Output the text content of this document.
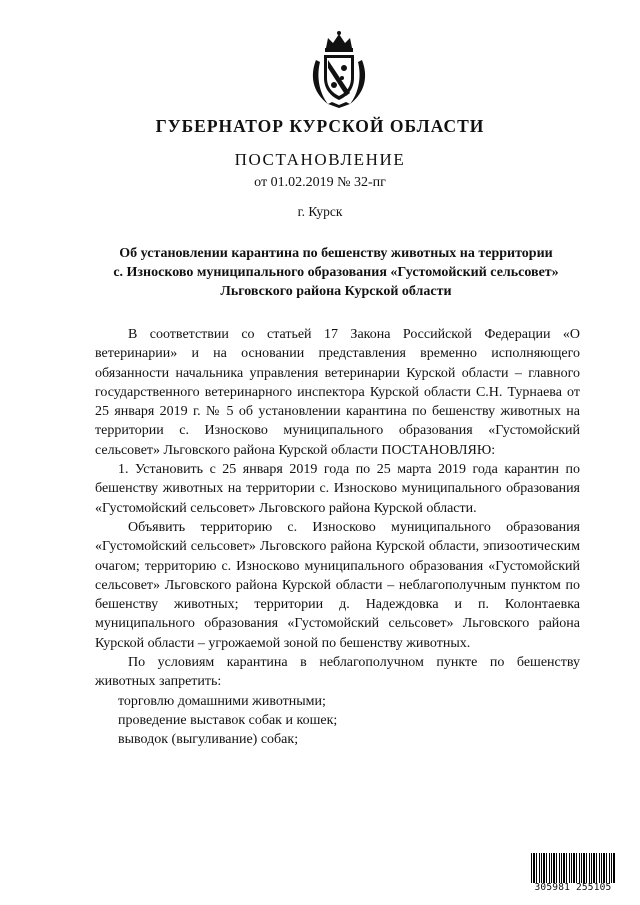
ГУБЕРНАТОР КУРСКОЙ ОБЛАСТИ
ПОСТАНОВЛЕНИЕ
от 01.02.2019 № 32-пг
г. Курск
Об установлении карантина по бешенству животных на территории
с. Износково муниципального образования «Густомойский сельсовет»
Льговского района Курской области

В соответствии со статьей 17 Закона Российской Федерации «О ветеринарии» и на основании представления временно исполняющего обязанности начальника управления ветеринарии Курской области – главного государственного ветеринарного инспектора Курской области С.Н. Турнаева от 25 января 2019 г. № 5 об установлении карантина по бешенству животных на территории с. Износково муниципального образования «Густомойский сельсовет» Льговского района Курской области ПОСТАНОВЛЯЮ:

1. Установить с 25 января 2019 года по 25 марта 2019 года карантин по бешенству животных на территории с. Износково муниципального образования «Густомойский сельсовет» Льговского района Курской области.

Объявить территорию с. Износково муниципального образования «Густомойский сельсовет» Льговского района Курской области, эпизоотическим очагом; территорию с. Износково муниципального образования «Густомойский сельсовет» Льговского района Курской области – неблагополучным пунктом по бешенству животных; территории д. Надеждовка и п. Колонтаевка муниципального образования «Густомойский сельсовет» Льговского района Курской области – угрожаемой зоной по бешенству животных.

По условиям карантина в неблагополучном пункте по бешенству животных запретить:

торговлю домашними животными;

проведение выставок собак и кошек;

выводок (выгуливание) собак;

305981 255105
